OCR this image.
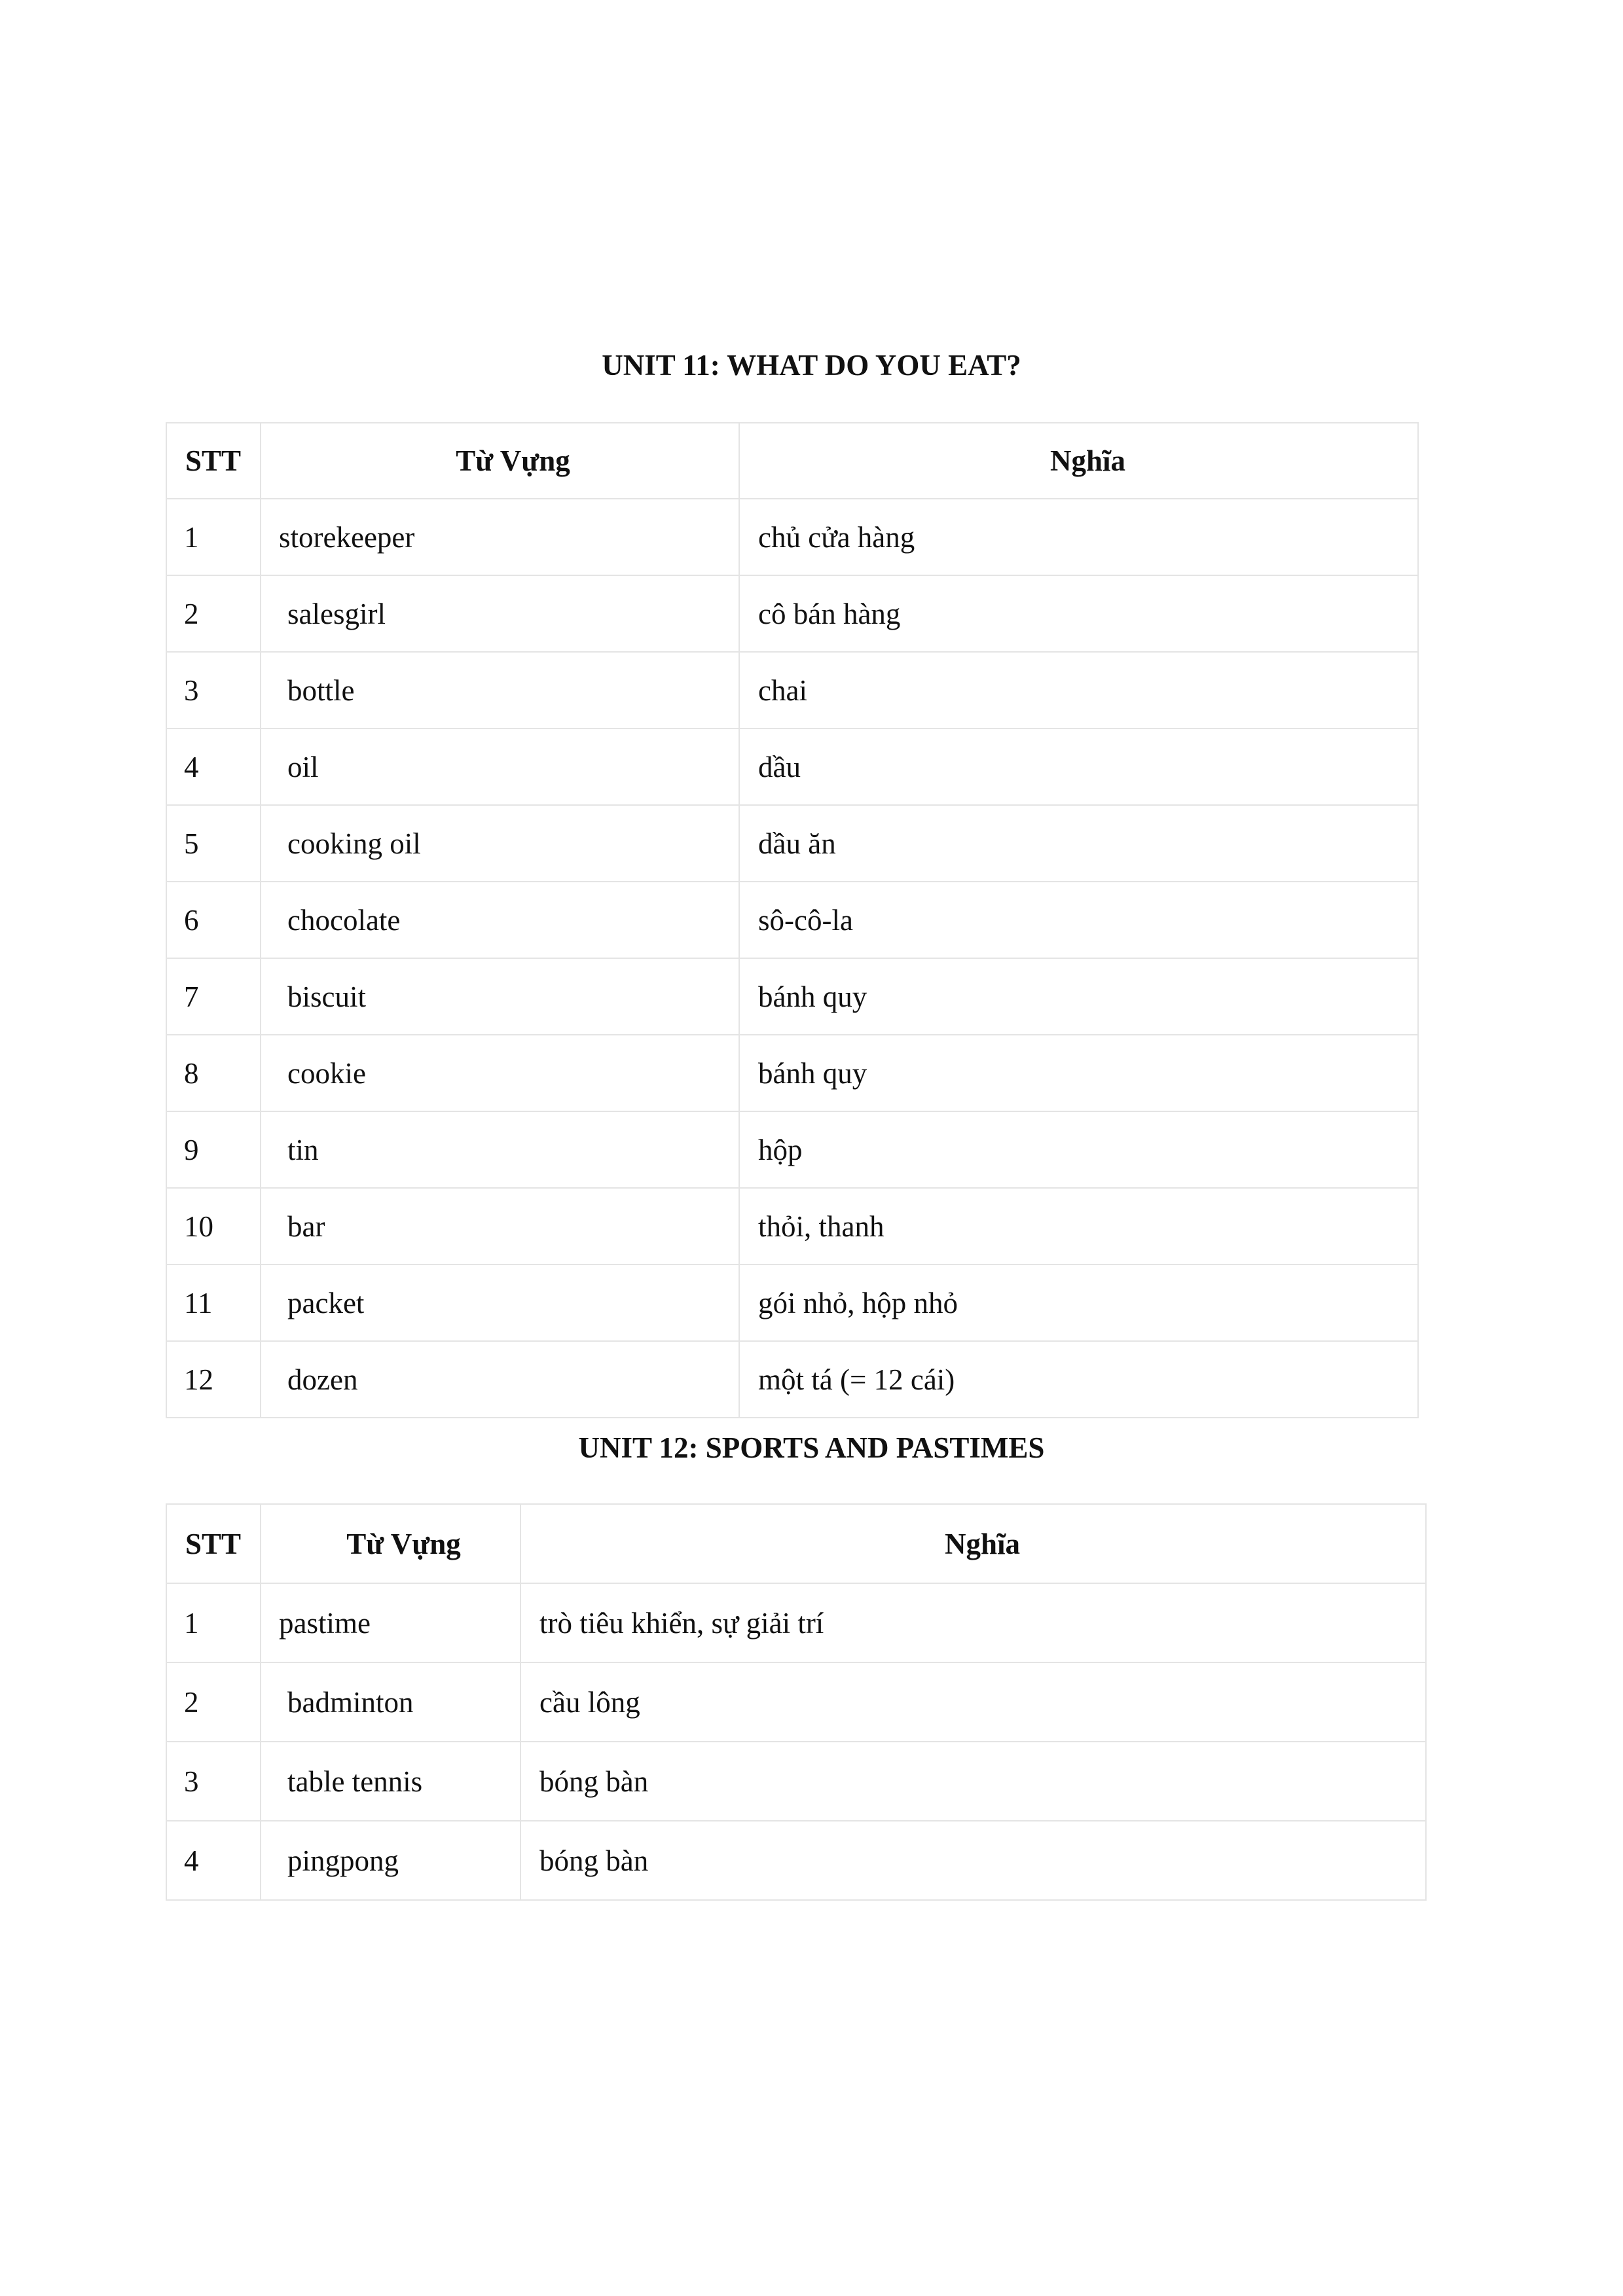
UNIT 11: WHAT DO YOU EAT?
STT	Từ Vựng	Nghĩa
1	storekeeper	chủ cửa hàng
2	salesgirl	cô bán hàng
3	bottle	chai
4	oil	dầu
5	cooking oil	dầu ăn
6	chocolate	sô-cô-la
7	biscuit	bánh quy
8	cookie	bánh quy
9	tin	hộp
10	bar	thỏi, thanh
11	packet	gói nhỏ, hộp nhỏ
12	dozen	một tá (= 12 cái)
UNIT 12: SPORTS AND PASTIMES
STT	Từ Vựng	Nghĩa
1	pastime	trò tiêu khiển, sự giải trí
2	badminton	cầu lông
3	table tennis	bóng bàn
4	pingpong	bóng bàn
